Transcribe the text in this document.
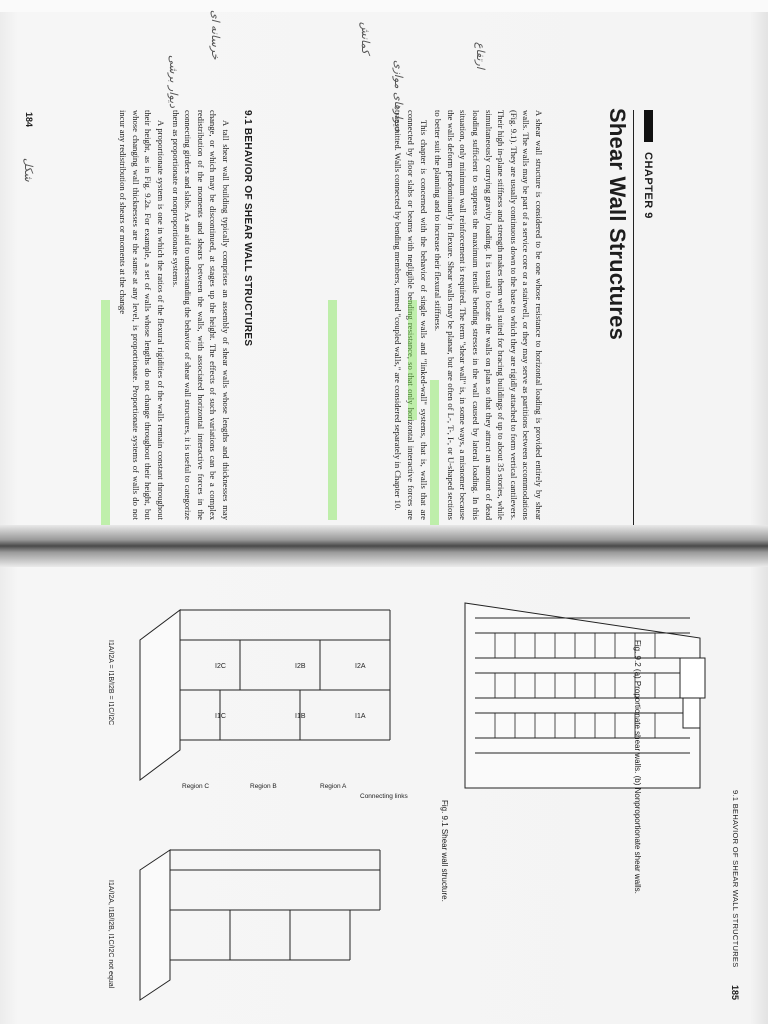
CHAPTER 9
Shear Wall Structures

A shear wall structure is considered to be one whose resistance to horizontal loading is provided entirely by shear walls. The walls may be part of a service core or a stairwell, or they may serve as partitions between accommodations (Fig. 9.1). They are usually continuous down to the base to which they are rigidly attached to form vertical cantilevers. Their high in-plane stiffness and strength makes them well suited for bracing buildings of up to about 35 stories, while simultaneously carrying gravity loading. It is usual to locate the walls on plan so that they attract an amount of dead loading sufficient to suppress the maximum tensile bending stresses in the wall caused by lateral loading. In this situation, only minimum wall reinforcement is required. The term "shear wall" is, in some ways, a misnomer because the walls deform predominantly in flexure. Shear walls may be planar, but are often of L-, T-, I-, or U-shaped sections to better suit the planning and to increase their flexural stiffness.

This chapter is concerned with the behavior of single walls and "linked-wall" systems, that is, walls that are connected by floor slabs or beams with negligible bending resistance, so that only horizontal interactive forces are transmitted. Walls connected by bending members, termed "coupled walls," are considered separately in Chapter 10.

9.1 BEHAVIOR OF SHEAR WALL STRUCTURES

A tall shear wall building typically comprises an assembly of shear walls whose lengths and thicknesses may change, or which may be discontinued, at stages up the height. The effects of such variations can be a complex redistribution of the moments and shears between the walls, with associated horizontal interactive forces in the connecting girders and slabs. As an aid to understanding the behavior of shear wall structures, it is useful to categorize them as proportionate or nonproportionate systems.

A proportionate system is one in which the ratios of the flexural rigidities of the walls remain constant throughout their height, as in Fig. 9.2a. For example, a set of walls whose lengths do not change throughout their height, but whose changing wall thicknesses are the same at any level, is proportionate. Proportionate systems of walls do not incur any redistribution of shears or moments at the change

184
خرسانه ای	کمانش
دیوارهای موازی
ارتفاع
دیوار برشی
شکل
9.1 BEHAVIOR OF SHEAR WALL STRUCTURES
185
Fig. 9.1 Shear wall structure.
I1C	I1B	I1A
I2C	I2B	I2A
Region C	Region B	Region A
Connecting links
I1A/I2A = I1B/I2B = I1C/I2C
I1A/I2A, I1B/I2B, I1C/I2C not equal
Fig. 9.2 (a) Proportionate shear walls. (b) Nonproportionate shear walls.
